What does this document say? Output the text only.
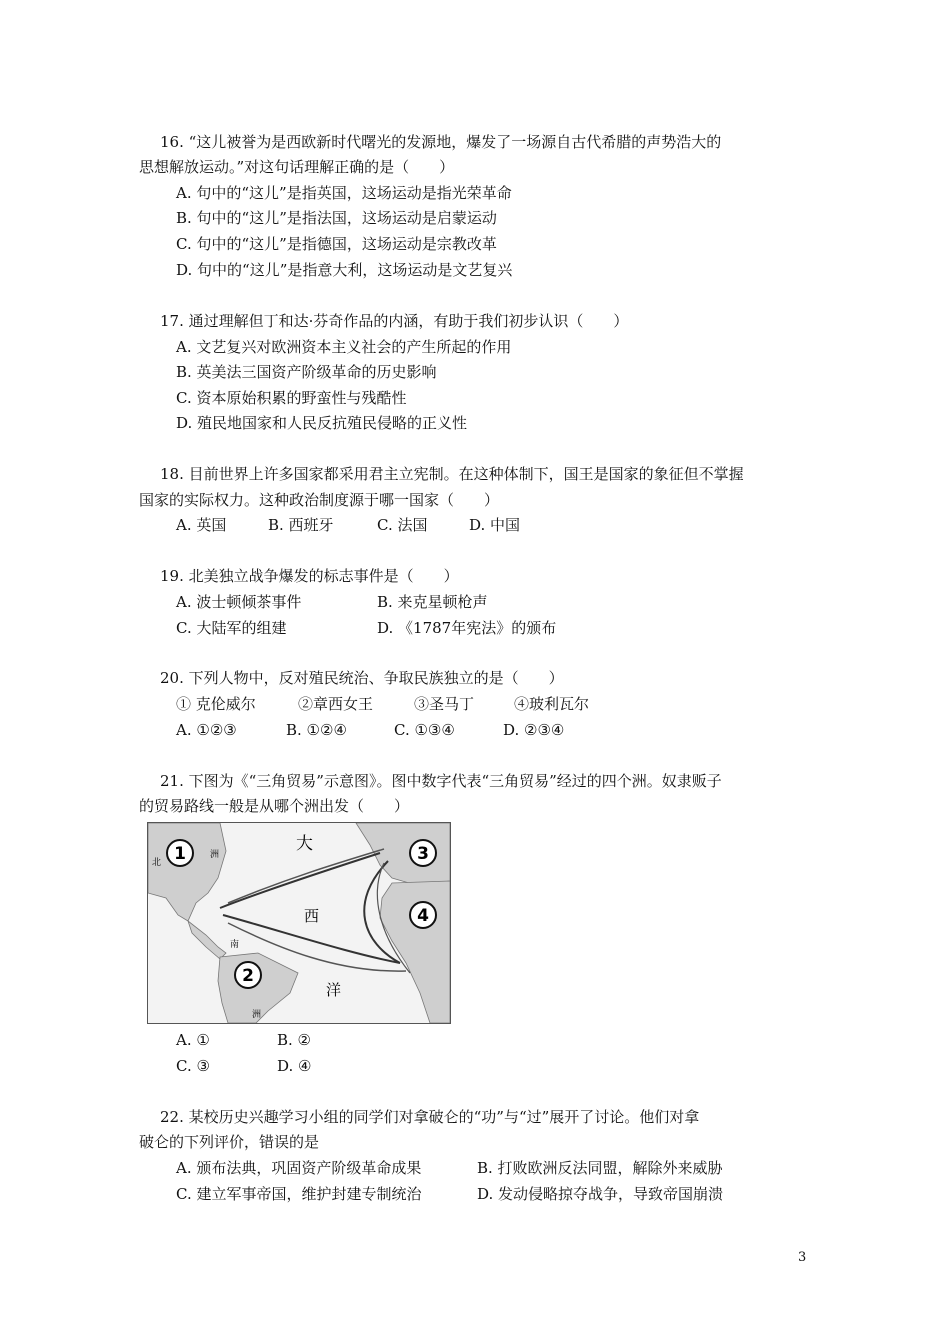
16. “这儿被誉为是西欧新时代曙光的发源地，爆发了一场源自古代希腊的声势浩大的
思想解放运动。”对这句话理解正确的是（　　）
A. 句中的“这儿”是指英国，这场运动是指光荣革命
B. 句中的“这儿”是指法国，这场运动是启蒙运动
C. 句中的“这儿”是指德国，这场运动是宗教改革
D. 句中的“这儿”是指意大利，这场运动是文艺复兴
17. 通过理解但丁和达·芬奇作品的内涵，有助于我们初步认识（　　）
A. 文艺复兴对欧洲资本主义社会的产生所起的作用
B. 英美法三国资产阶级革命的历史影响
C. 资本原始积累的野蛮性与残酷性
D. 殖民地国家和人民反抗殖民侵略的正义性
18. 目前世界上许多国家都采用君主立宪制。在这种体制下，国王是国家的象征但不掌握
国家的实际权力。这种政治制度源于哪一国家（　　）
A. 英国	B. 西班牙	C. 法国	D. 中国
19. 北美独立战争爆发的标志事件是（　　）
A. 波士顿倾茶事件	B. 来克星顿枪声
C. 大陆军的组建	D. 《1787年宪法》的颁布
20. 下列人物中，反对殖民统治、争取民族独立的是（　　）
① 克伦威尔	②章西女王	③圣马丁	④玻利瓦尔
A. ①②③	B. ①②④	C. ①③④	D. ②③④
21. 下图为《“三角贸易”示意图》。图中数字代表“三角贸易”经过的四个洲。奴隶贩子
的贸易路线一般是从哪个洲出发（　　）
1
2
3
4
大
西
洋
北
洲
南
洲
A. ①	B. ②
C. ③	D. ④
22. 某校历史兴趣学习小组的同学们对拿破仑的“功”与“过”展开了讨论。他们对拿
破仑的下列评价，错误的是
A. 颁布法典，巩固资产阶级革命成果	B. 打败欧洲反法同盟，解除外来威胁
C. 建立军事帝国，维护封建专制统治	D. 发动侵略掠夺战争，导致帝国崩溃
3
